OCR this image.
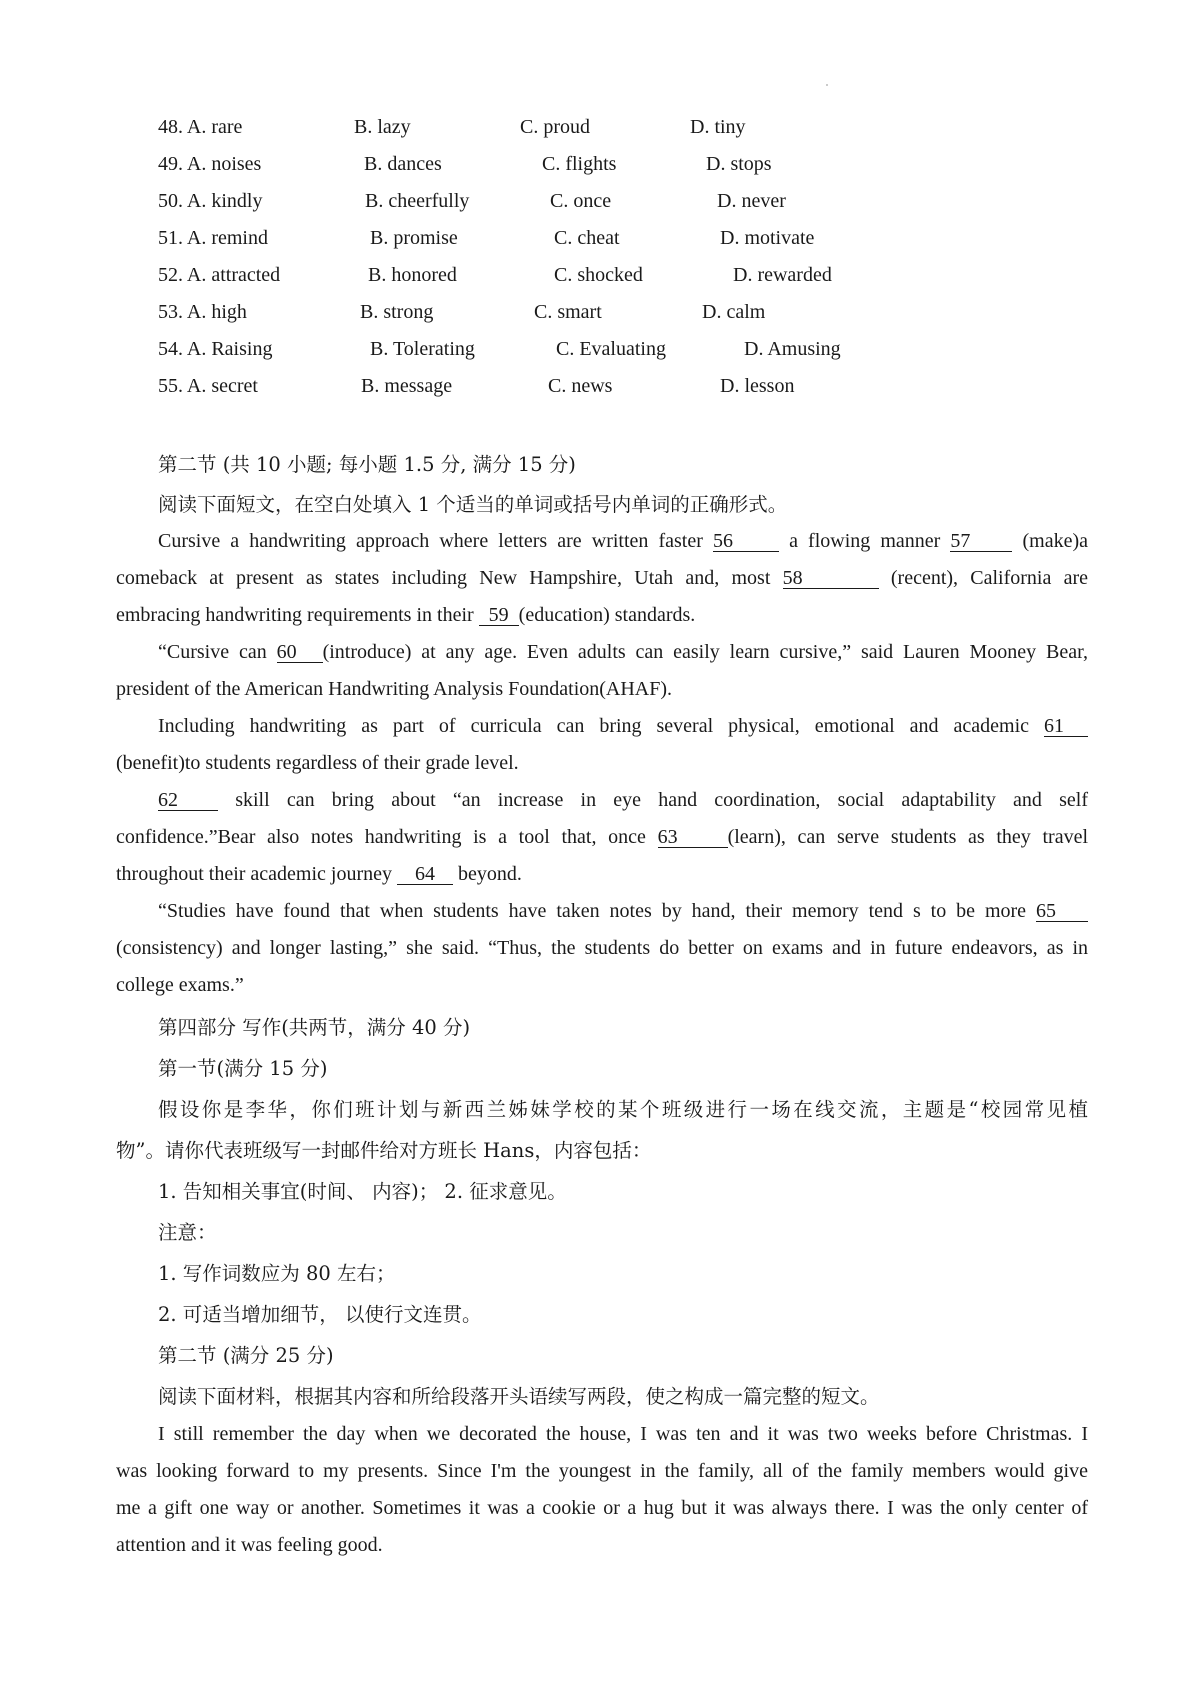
48. A. rare	B. lazy	C. proud	D. tiny
49. A. noises	B. dances	C. flights	D. stops
50. A. kindly	B. cheerfully	C. once	D. never
51. A. remind	B. promise	C. cheat	D. motivate
52. A. attracted	B. honored	C. shocked	D. rewarded
53. A. high	B. strong	C. smart	D. calm
54. A. Raising	B. Tolerating	C. Evaluating	D. Amusing
55. A. secret	B. message	C. news	D. lesson
第二节 (共 10 小题; 每小题 1.5 分, 满分 15 分)
阅读下面短文，在空白处填入 1 个适当的单词或括号内单词的正确形式。
Cursive a handwriting approach where letters are written faster 56	a flowing manner 57	(make)a
comeback at present as states including New Hampshire, Utah and, most 58	(recent), California are
embracing handwriting requirements in their 59 (education) standards.
“Cursive can 60 (introduce) at any age. Even adults can easily learn cursive,” said Lauren Mooney Bear,
president of the American Handwriting Analysis Foundation(AHAF).
Including handwriting as part of curricula can bring several physical, emotional and academic 61
(benefit)to students regardless of their grade level.
62	skill can bring about “an increase in eye hand coordination, social adaptability and self
confidence.”Bear also notes handwriting is a tool that, once 63	(learn), can serve students as they travel
throughout their academic journey 64 beyond.
“Studies have found that when students have taken notes by hand, their memory tend s to be more 65
(consistency) and longer lasting,” she said. “Thus, the students do better on exams and in future endeavors, as in
college exams.”
第四部分 写作(共两节，满分 40 分)
第一节(满分 15 分)
假设你是李华，你们班计划与新西兰姊妹学校的某个班级进行一场在线交流，主题是“校园常见植
物”。请你代表班级写一封邮件给对方班长 Hans，内容包括：
1. 告知相关事宜(时间、 内容)； 2. 征求意见。
注意：
1. 写作词数应为 80 左右；
2. 可适当增加细节， 以使行文连贯。
第二节 (满分 25 分)
阅读下面材料，根据其内容和所给段落开头语续写两段，使之构成一篇完整的短文。
I still remember the day when we decorated the house, I was ten and it was two weeks before Christmas. I
was looking forward to my presents. Since I'm the youngest in the family, all of the family members would give
me a gift one way or another. Sometimes it was a cookie or a hug but it was always there. I was the only center of
attention and it was feeling good.
